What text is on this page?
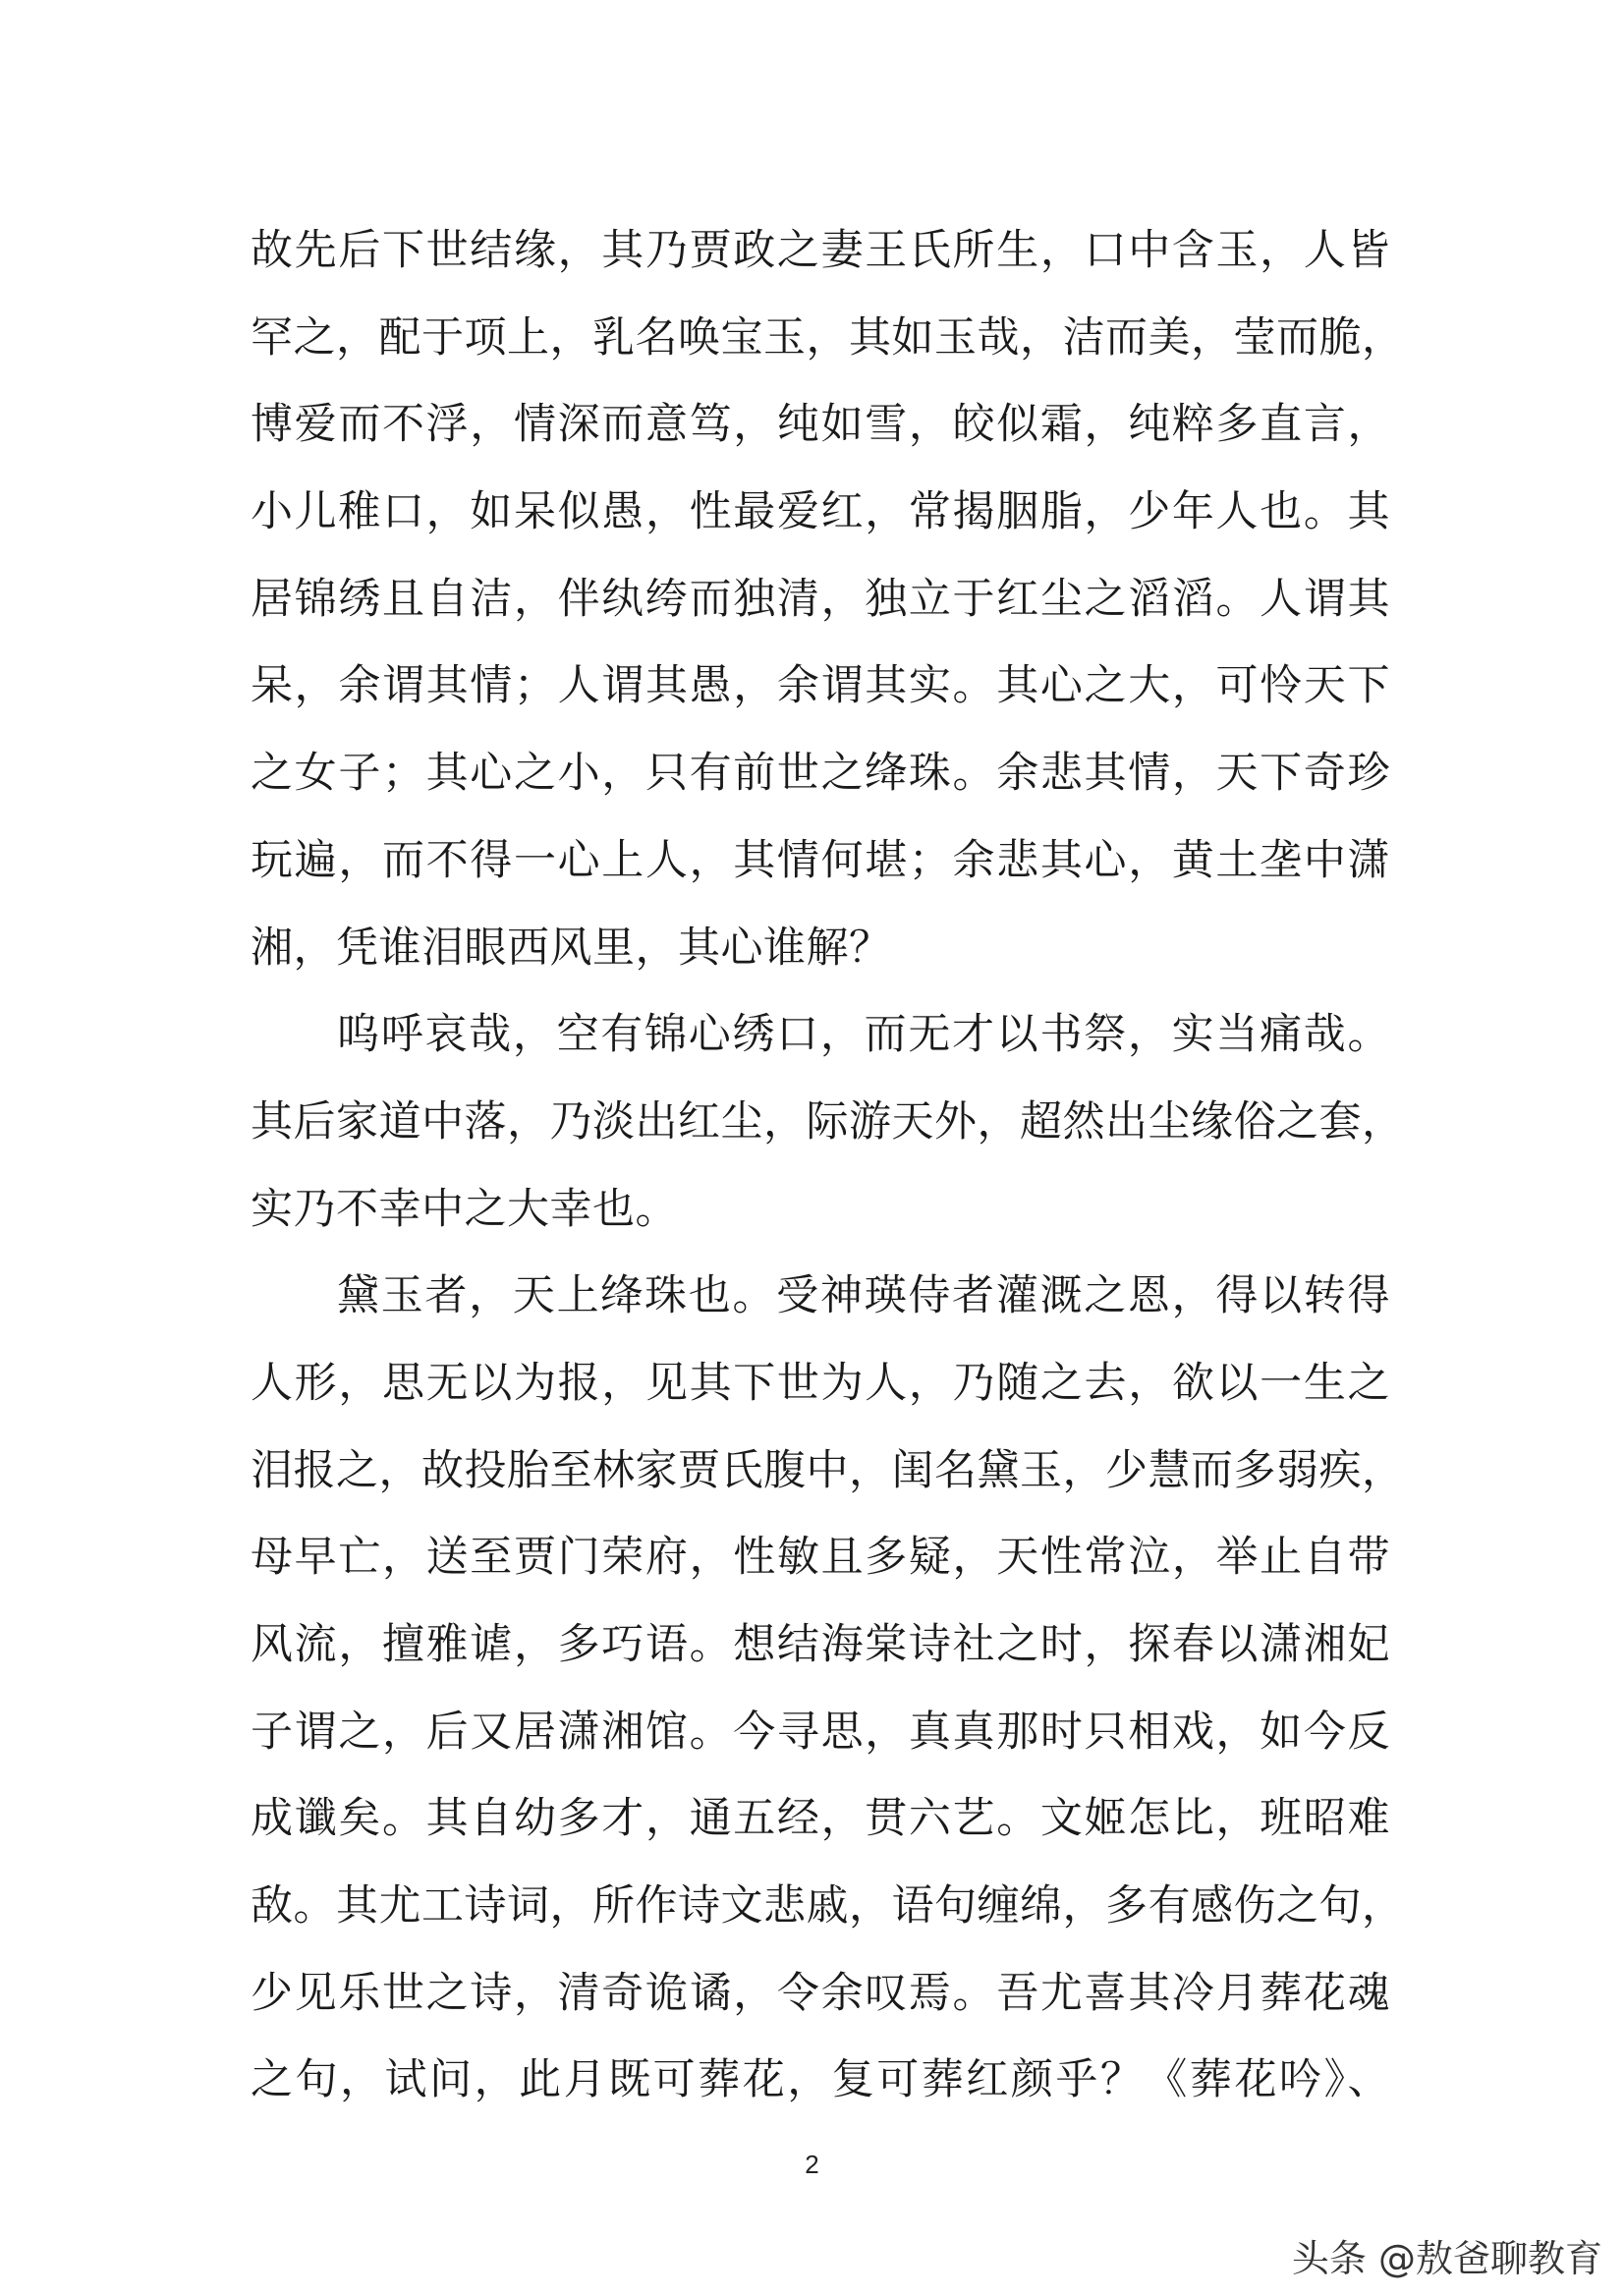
故先后下世结缘，其乃贾政之妻王氏所生，口中含玉，人皆
罕之，配于项上，乳名唤宝玉，其如玉哉，洁而美，莹而脆，
博爱而不浮，情深而意笃，纯如雪，皎似霜，纯粹多直言，
小儿稚口，如呆似愚，性最爱红，常揭胭脂，少年人也。其
居锦绣且自洁，伴纨绔而独清，独立于红尘之滔滔。人谓其
呆，余谓其情；人谓其愚，余谓其实。其心之大，可怜天下
之女子；其心之小，只有前世之绛珠。余悲其情，天下奇珍
玩遍，而不得一心上人，其情何堪；余悲其心，黄土垄中潇
湘，凭谁泪眼西风里，其心谁解？
呜呼哀哉，空有锦心绣口，而无才以书祭，实当痛哉。
其后家道中落，乃淡出红尘，际游天外，超然出尘缘俗之套，
实乃不幸中之大幸也。
黛玉者，天上绛珠也。受神瑛侍者灌溉之恩，得以转得
人形，思无以为报，见其下世为人，乃随之去，欲以一生之
泪报之，故投胎至林家贾氏腹中，闺名黛玉，少慧而多弱疾，
母早亡，送至贾门荣府，性敏且多疑，天性常泣，举止自带
风流，擅雅谑，多巧语。想结海棠诗社之时，探春以潇湘妃
子谓之，后又居潇湘馆。今寻思，真真那时只相戏，如今反
成谶矣。其自幼多才，通五经，贯六艺。文姬怎比，班昭难
敌。其尤工诗词，所作诗文悲戚，语句缠绵，多有感伤之句，
少见乐世之诗，清奇诡谲，令余叹焉。吾尤喜其冷月葬花魂
之句，试问，此月既可葬花，复可葬红颜乎？《葬花吟》、
2
头条 @敖爸聊教育
